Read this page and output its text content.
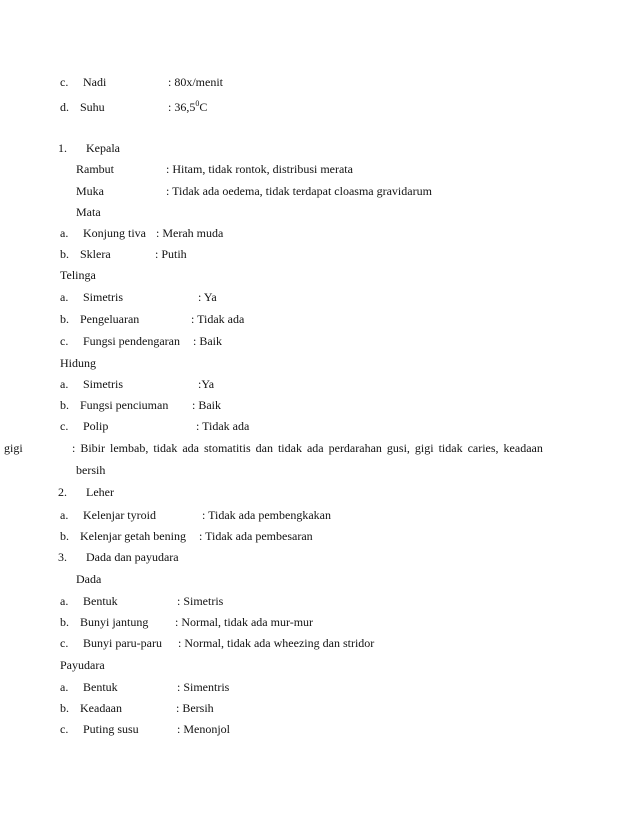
c. Nadi	: 80x/menit
d. Suhu	: 36,5$^0$C
1. Kepala
Rambut	: Hitam, tidak rontok, distribusi merata
Muka	: Tidak ada oedema, tidak terdapat cloasma gravidarum
Mata
a. Konjung tiva : Merah muda
b. Sklera	: Putih
Telinga
a. Simetris	: Ya
b. Pengeluaran	: Tidak ada
c. Fungsi pendengaran : Baik
Hidung
a. Simetris	:Ya
b. Fungsi penciuman : Baik
c. Polip	: Tidak ada
gigi	: Bibir lembab, tidak ada stomatitis dan tidak ada perdarahan gusi, gigi tidak caries, keadaan
bersih
2. Leher
a. Kelenjar tyroid	: Tidak ada pembengkakan
b. Kelenjar getah bening : Tidak ada pembesaran
3. Dada dan payudara
Dada
a. Bentuk	: Simetris
b. Bunyi jantung : Normal, tidak ada mur-mur
c. Bunyi paru-paru : Normal, tidak ada wheezing dan stridor
Payudara
a. Bentuk	: Simentris
b. Keadaan	: Bersih
c. Puting susu	: Menonjol
